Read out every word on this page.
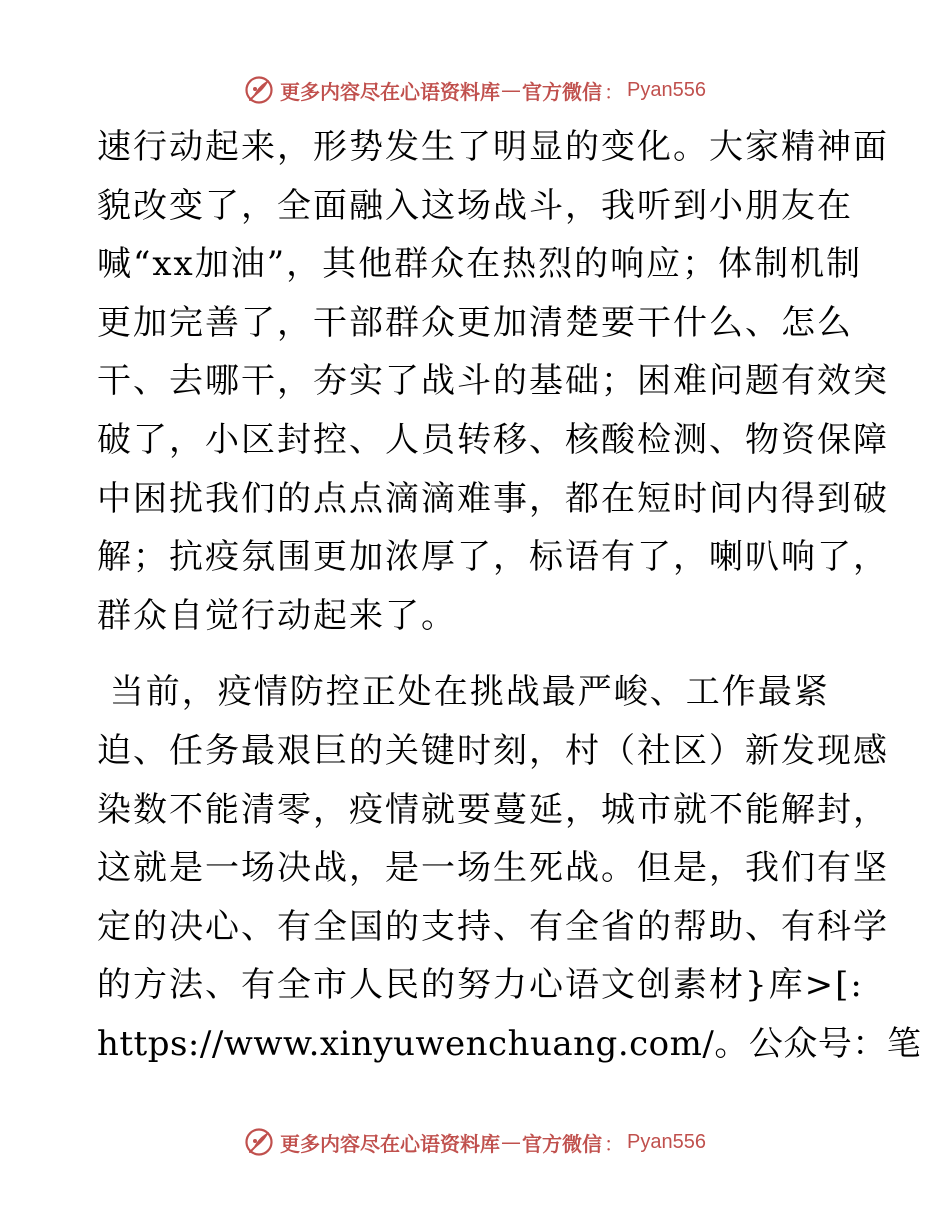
更多内容尽在心语资料库 — 官方微信 ： Pyan556
速行动起来，形势发生了明显的变化。大家精神面
貌改变了，全面融入这场战斗，我听到小朋友在
喊“xx加油”，其他群众在热烈的响应；体制机制
更加完善了，干部群众更加清楚要干什么、怎么
干、去哪干，夯实了战斗的基础；困难问题有效突
破了，小区封控、人员转移、核酸检测、物资保障
中困扰我们的点点滴滴难事，都在短时间内得到破
解；抗疫氛围更加浓厚了，标语有了，喇叭响了，
群众自觉行动起来了。
当前，疫情防控正处在挑战最严峻、工作最紧
迫、任务最艰巨的关键时刻，村（社区）新发现感
染数不能清零，疫情就要蔓延，城市就不能解封，
这就是一场决战，是一场生死战。但是，我们有坚
定的决心、有全国的支持、有全省的帮助、有科学
的方法、有全市人民的努力心语文创素材}库>[:
https://www.xinyuwenchuang.com/。公众号：笔
更多内容尽在心语资料库 — 官方微信 ： Pyan556
